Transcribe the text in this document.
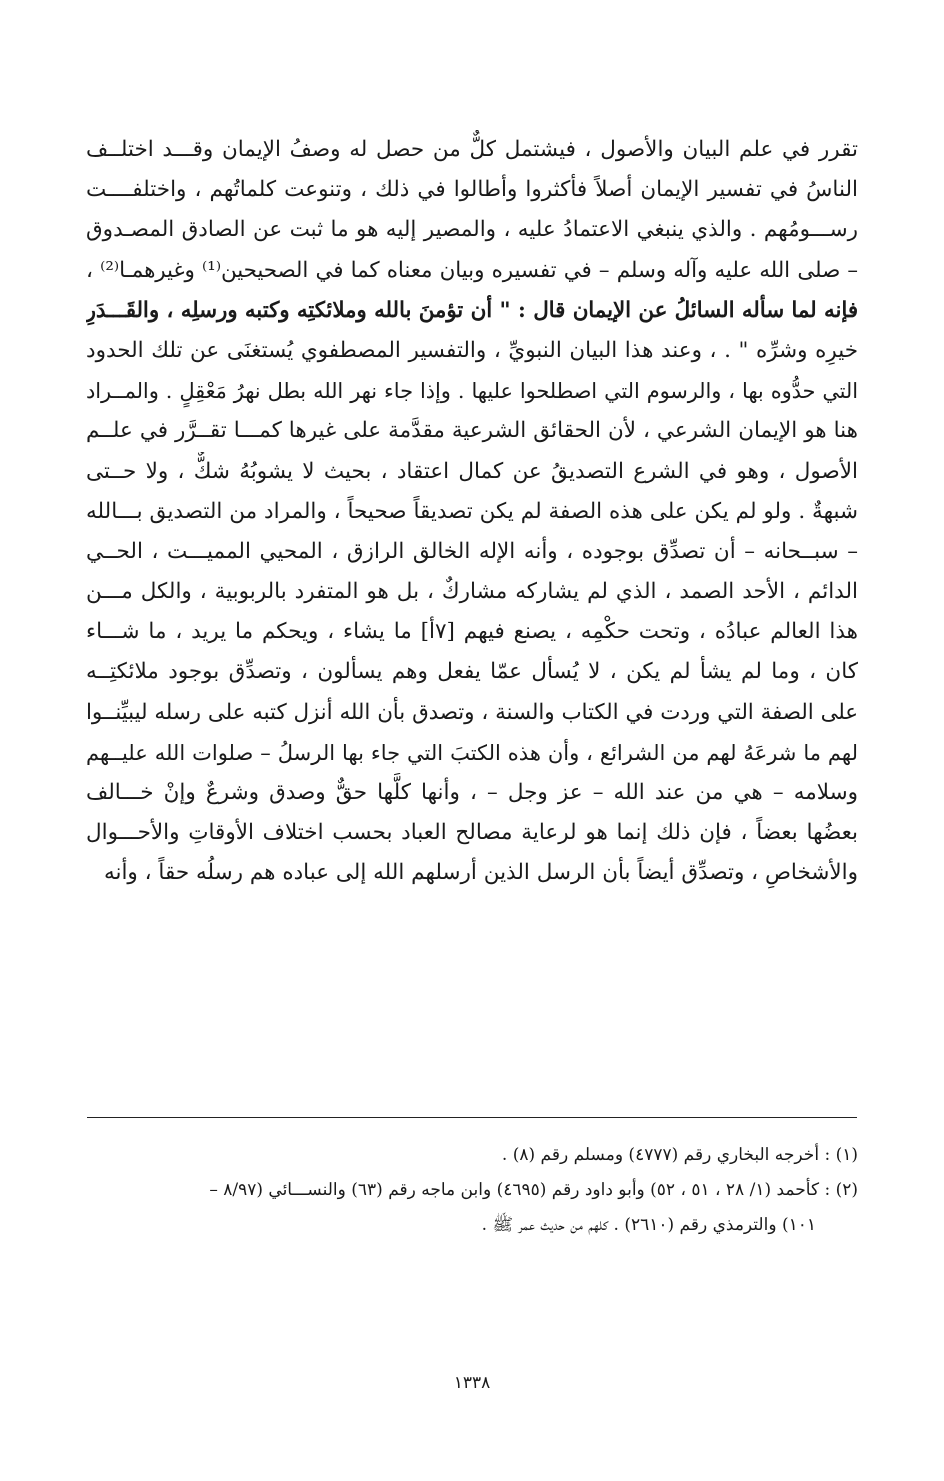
تقرر في علم البيان والأصول ، فيشتمل كلٌّ من حصل له وصفُ الإيمان وقـــد اختلــف
الناسُ في تفسير الإيمان أصلاً فأكثروا وأطالوا في ذلك ، وتنوعت كلماتُهم ، واختلفــــت
رســـومُهم . والذي ينبغي الاعتمادُ عليه ، والمصير إليه هو ما ثبت عن الصادق المصـدوق
– صلى الله عليه وآله وسلم – في تفسيره وبيان معناه كما في الصحيحين⁽¹⁾ وغيرهمـا⁽²⁾ ،
فإنه لما سأله السائلُ عن الإيمان قال : " أن تؤمنَ بالله وملائكتِه وكتبه ورسلِه ، والقَـــدَرِ
خيرِه وشرِّه " . ، وعند هذا البيان النبويِّ ، والتفسير المصطفوي يُستغنَى عن تلك الحدود
التي حدُّوه بها ، والرسوم التي اصطلحوا عليها . وإذا جاء نهر الله بطل نهرُ مَعْقِلٍ . والمــراد
هنا هو الإيمان الشرعي ، لأن الحقائق الشرعية مقدَّمة على غيرها كمـــا تقــرَّر في علــم
الأصول ، وهو في الشرع التصديقُ عن كمال اعتقاد ، بحيث لا يشوبُهُ شكٌّ ، ولا حــتى
شبهةٌ . ولو لم يكن على هذه الصفة لم يكن تصديقاً صحيحاً ، والمراد من التصديق بـــالله
– سبــحانه – أن تصدِّق بوجوده ، وأنه الإله الخالق الرازق ، المحيي المميـــت ، الحــي
الدائم ، الأحد الصمد ، الذي لم يشاركه مشاركٌ ، بل هو المتفرد بالربوبية ، والكل مـــن
هذا العالم عبادُه ، وتحت حكْمِه ، يصنع فيهم [٧أ] ما يشاء ، ويحكم ما يريد ، ما شـــاء
كان ، وما لم يشأ لم يكن ، لا يُسأل عمّا يفعل وهم يسألون ، وتصدِّق بوجود ملائكتِــه
على الصفة التي وردت في الكتاب والسنة ، وتصدق بأن الله أنزل كتبه على رسله ليبيِّنــوا
لهم ما شرعَهُ لهم من الشرائع ، وأن هذه الكتبَ التي جاء بها الرسلُ – صلوات الله عليــهم
وسلامه – هي من عند الله – عز وجل – ، وأنها كلَّها حقٌّ وصدق وشرعٌ وإنْ خـــالف
بعضُها بعضاً ، فإن ذلك إنما هو لرعاية مصالح العباد بحسب اختلاف الأوقاتِ والأحـــوال
والأشخاصِ ، وتصدِّق أيضاً بأن الرسل الذين أرسلهم الله إلى عباده هم رسلُه حقاً ، وأنه
(١) : أخرجه البخاري رقم (٤٧٧٧) ومسلم رقم (٨) .
(٢) : كأحمد (١/ ٢٨ ، ٥١ ، ٥٢) وأبو داود رقم (٤٦٩٥) وابن ماجه رقم (٦٣) والنســـائي (٨/٩٧ –
١٠١) والترمذي رقم (٢٦١٠) . كلهم من حديث عمر ﷺ .
١٣٣٨
